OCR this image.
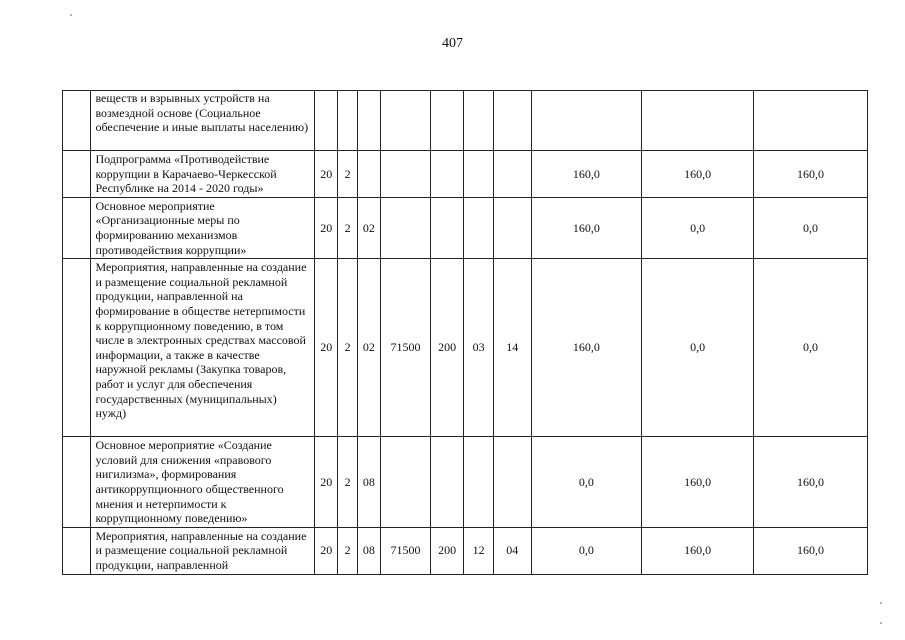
407
	веществ и взрывных устройств на возмездной основе (Социальное обеспечение и иные выплаты населению)										
	Подпрограмма «Противодействие коррупции в Карачаево-Черкесской Республике на 2014 - 2020 годы»	20	2						160,0	160,0	160,0
	Основное мероприятие «Организационные меры по формированию механизмов противодействия коррупции»	20	2	02					160,0	0,0	0,0
	Мероприятия, направленные на создание и размещение социальной рекламной продукции, направленной на формирование в обществе нетерпимости к коррупционному поведению, в том числе в электронных средствах массовой информации, а также в качестве наружной рекламы (Закупка товаров, работ и услуг для обеспечения государственных (муниципальных) нужд)	20	2	02	71500	200	03	14	160,0	0,0	0,0
	Основное мероприятие «Создание условий для снижения «правового нигилизма», формирования антикоррупционного общественного мнения и нетерпимости к коррупционному поведению»	20	2	08					0,0	160,0	160,0
	Мероприятия, направленные на создание и размещение социальной рекламной продукции, направленной	20	2	08	71500	200	12	04	0,0	160,0	160,0
